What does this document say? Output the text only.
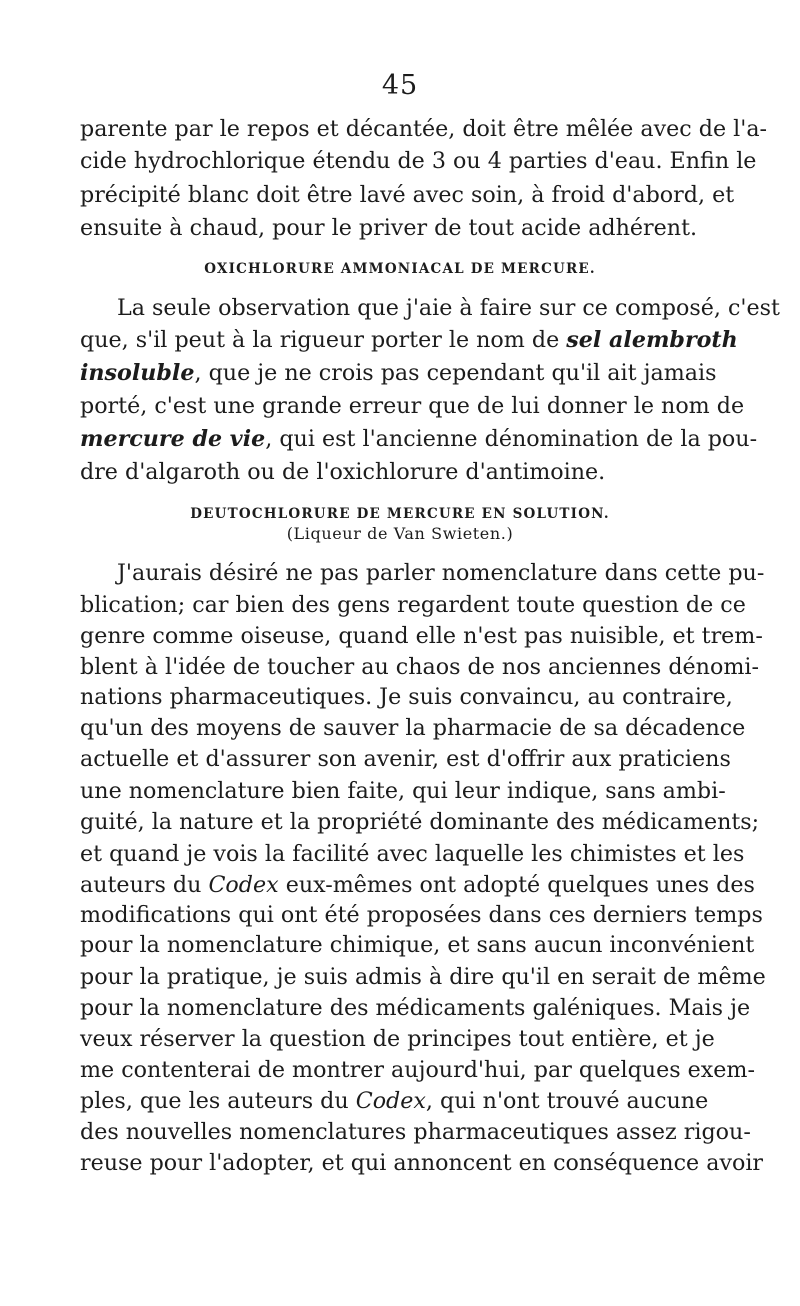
45
parente par le repos et décantée, doit être mêlée avec de l'a-
cide hydrochlorique étendu de 3 ou 4 parties d'eau. Enfin le
précipité blanc doit être lavé avec soin, à froid d'abord, et
ensuite à chaud, pour le priver de tout acide adhérent.
OXICHLORURE AMMONIACAL DE MERCURE.
La seule observation que j'aie à faire sur ce composé, c'est
que, s'il peut à la rigueur porter le nom de sel alembroth
insoluble, que je ne crois pas cependant qu'il ait jamais
porté, c'est une grande erreur que de lui donner le nom de
mercure de vie, qui est l'ancienne dénomination de la pou-
dre d'algaroth ou de l'oxichlorure d'antimoine.
DEUTOCHLORURE DE MERCURE EN SOLUTION.
(Liqueur de Van Swieten.)
J'aurais désiré ne pas parler nomenclature dans cette pu-
blication; car bien des gens regardent toute question de ce
genre comme oiseuse, quand elle n'est pas nuisible, et trem-
blent à l'idée de toucher au chaos de nos anciennes dénomi-
nations pharmaceutiques. Je suis convaincu, au contraire,
qu'un des moyens de sauver la pharmacie de sa décadence
actuelle et d'assurer son avenir, est d'offrir aux praticiens
une nomenclature bien faite, qui leur indique, sans ambi-
guité, la nature et la propriété dominante des médicaments;
et quand je vois la facilité avec laquelle les chimistes et les
auteurs du Codex eux-mêmes ont adopté quelques unes des
modifications qui ont été proposées dans ces derniers temps
pour la nomenclature chimique, et sans aucun inconvénient
pour la pratique, je suis admis à dire qu'il en serait de même
pour la nomenclature des médicaments galéniques. Mais je
veux réserver la question de principes tout entière, et je
me contenterai de montrer aujourd'hui, par quelques exem-
ples, que les auteurs du Codex, qui n'ont trouvé aucune
des nouvelles nomenclatures pharmaceutiques assez rigou-
reuse pour l'adopter, et qui annoncent en conséquence avoir
